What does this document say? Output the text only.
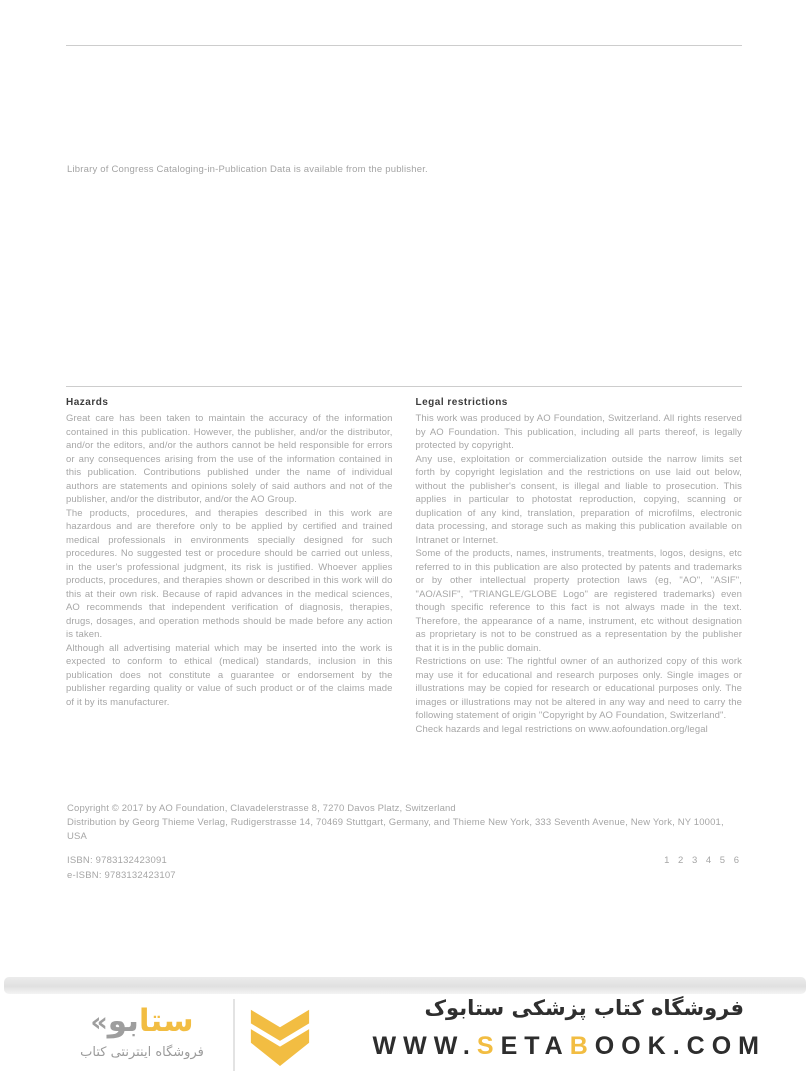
Library of Congress Cataloging-in-Publication Data is available from the publisher.

Hazards

Great care has been taken to maintain the accuracy of the information contained in this publication. However, the publisher, and/or the distributor, and/or the editors, and/or the authors cannot be held responsible for errors or any consequences arising from the use of the information contained in this publication. Contributions published under the name of individual authors are statements and opinions solely of said authors and not of the publisher, and/or the distributor, and/or the AO Group.

The products, procedures, and therapies described in this work are hazardous and are therefore only to be applied by certified and trained medical professionals in environments specially designed for such procedures. No suggested test or procedure should be carried out unless, in the user's professional judgment, its risk is justified. Whoever applies products, procedures, and therapies shown or described in this work will do this at their own risk. Because of rapid advances in the medical sciences, AO recommends that independent verification of diagnosis, therapies, drugs, dosages, and operation methods should be made before any action is taken.

Although all advertising material which may be inserted into the work is expected to conform to ethical (medical) standards, inclusion in this publication does not constitute a guarantee or endorsement by the publisher regarding quality or value of such product or of the claims made of it by its manufacturer.

Legal restrictions

This work was produced by AO Foundation, Switzerland. All rights reserved by AO Foundation. This publication, including all parts thereof, is legally protected by copyright.

Any use, exploitation or commercialization outside the narrow limits set forth by copyright legislation and the restrictions on use laid out below, without the publisher's consent, is illegal and liable to prosecution. This applies in particular to photostat reproduction, copying, scanning or duplication of any kind, translation, preparation of microfilms, electronic data processing, and storage such as making this publication available on Intranet or Internet.

Some of the products, names, instruments, treatments, logos, designs, etc referred to in this publication are also protected by patents and trademarks or by other intellectual property protection laws (eg, "AO", "ASIF", "AO/ASIF", "TRIANGLE/GLOBE Logo" are registered trademarks) even though specific reference to this fact is not always made in the text. Therefore, the appearance of a name, instrument, etc without designation as proprietary is not to be construed as a representation by the publisher that it is in the public domain.

Restrictions on use: The rightful owner of an authorized copy of this work may use it for educational and research purposes only. Single images or illustrations may be copied for research or educational purposes only. The images or illustrations may not be altered in any way and need to carry the following statement of origin "Copyright by AO Foundation, Switzerland".

Check hazards and legal restrictions on www.aofoundation.org/legal

Copyright © 2017 by AO Foundation, Clavadelerstrasse 8, 7270 Davos Platz, Switzerland

Distribution by Georg Thieme Verlag, Rudigerstrasse 14, 70469 Stuttgart, Germany, and Thieme New York, 333 Seventh Avenue, New York, NY 10001, USA

ISBN: 9783132423091

e-ISBN: 9783132423107

1 2 3 4 5 6

ستابو«
فروشگاه اینترنتی کتاب

فروشگاه کتاب پزشکی ستابوک

WWW.SETABOOK.COM
